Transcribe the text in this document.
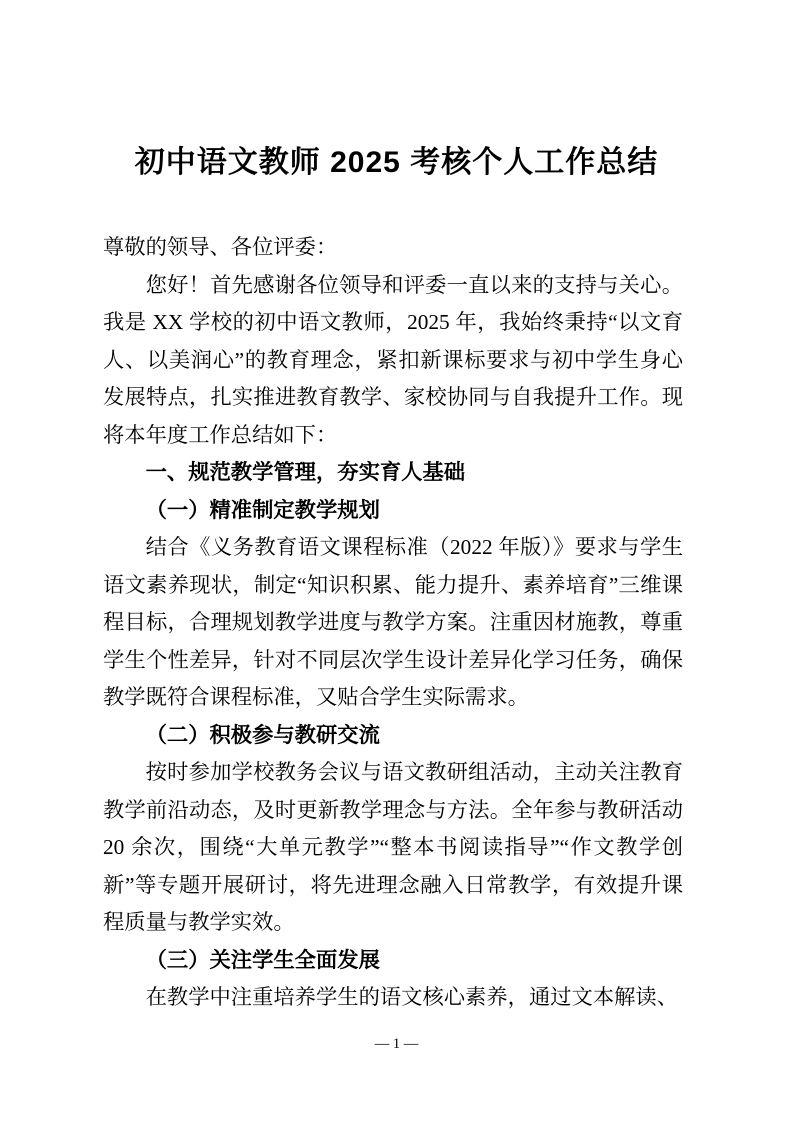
初中语文教师 2025 考核个人工作总结

尊敬的领导、各位评委：

您好！首先感谢各位领导和评委一直以来的支持与关心。我是 XX 学校的初中语文教师，2025 年，我始终秉持“以文育人、以美润心”的教育理念，紧扣新课标要求与初中学生身心发展特点，扎实推进教育教学、家校协同与自我提升工作。现将本年度工作总结如下：

一、规范教学管理，夯实育人基础

（一）精准制定教学规划

结合《义务教育语文课程标准（2022 年版）》要求与学生语文素养现状，制定“知识积累、能力提升、素养培育”三维课程目标，合理规划教学进度与教学方案。注重因材施教，尊重学生个性差异，针对不同层次学生设计差异化学习任务，确保教学既符合课程标准，又贴合学生实际需求。

（二）积极参与教研交流

按时参加学校教务会议与语文教研组活动，主动关注教育教学前沿动态，及时更新教学理念与方法。全年参与教研活动 20 余次，围绕“大单元教学”“整本书阅读指导”“作文教学创新”等专题开展研讨，将先进理念融入日常教学，有效提升课程质量与教学实效。

（三）关注学生全面发展

在教学中注重培养学生的语文核心素养，通过文本解读、

— 1 —
